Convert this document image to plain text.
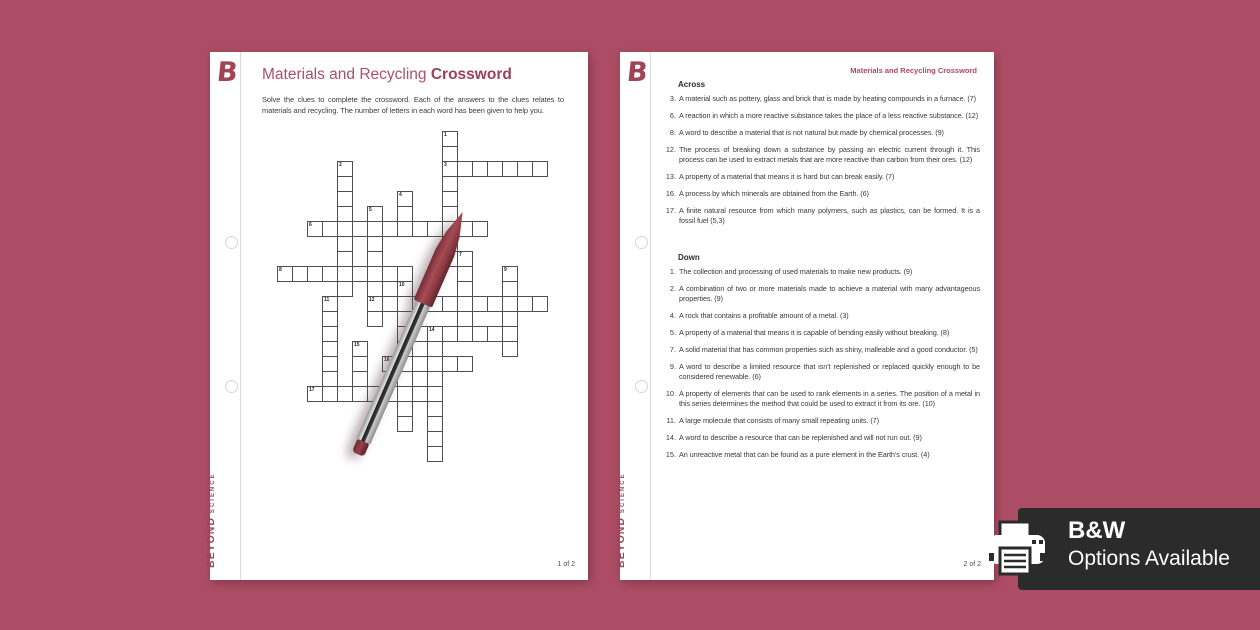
B Materials and Recycling Crossword
Solve the clues to complete the crossword. Each of the answers to the clues relates to materials and recycling. The number of letters in each word has been given to help you.
1
3
2
4
5
12
6
7
8	9
10
11
14
15
16
17
BEYONDSCIENCE
1 of 2
B	Materials and Recycling Crossword
Across
3. A material such as pottery, glass and brick that is made by heating compounds in a furnace. (7)
6. A reaction in which a more reactive substance takes the place of a less reactive substance. (12)
8. A word to describe a material that is not natural but made by chemical processes. (9)
12. The process of breaking down a substance by passing an electric current through it. This process can be used to extract metals that are more reactive than carbon from their ores. (12)
13. A property of a material that means it is hard but can break easily. (7)
16. A process by which minerals are obtained from the Earth. (6)
17. A finite natural resource from which many polymers, such as plastics, can be formed. It is a fossil fuel (5,3)
Down
1. The collection and processing of used materials to make new products. (9)
2. A combination of two or more materials made to achieve a material with many advantageous properties. (9)
4. A rock that contains a profitable amount of a metal. (3)
5. A property of a material that means it is capable of bending easily without breaking. (8)
7. A solid material that has common properties such as shiny, malleable and a good conductor. (5)
9. A word to describe a limited resource that isn’t replenished or replaced quickly enough to be considered renewable. (6)
10. A property of elements that can be used to rank elements in a series. The position of a metal in this series determines the method that could be used to extract it from its ore. (10)
11. A large molecule that consists of many small repeating units. (7)
14. A word to describe a resource that can be replenished and will not run out. (9)
15. An unreactive metal that can be found as a pure element in the Earth’s crust. (4)
BEYONDSCIENCE
2 of 2
B&W
Options Available
